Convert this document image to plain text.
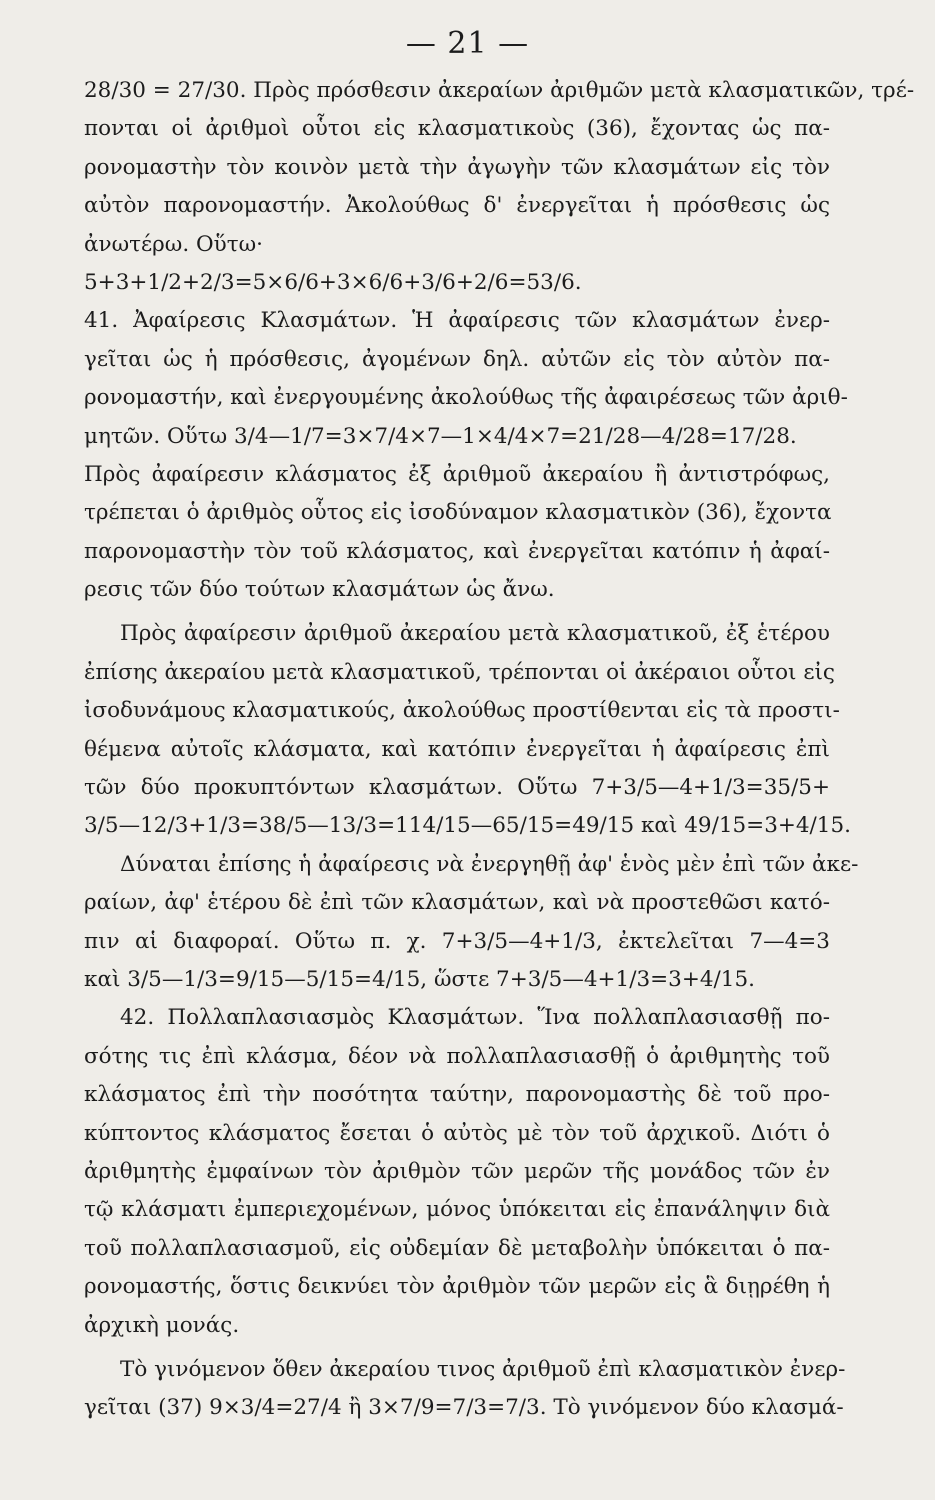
— 21 —
28/30 = 27/30. Πρὸς πρόσθεσιν ἀκεραίων ἀριθμῶν μετὰ κλασματικῶν, τρέ-
πονται οἱ ἀριθμοὶ οὗτοι εἰς κλασματικοὺς (36), ἔχοντας ὡς πα-
ρονομαστὴν τὸν κοινὸν μετὰ τὴν ἀγωγὴν τῶν κλασμάτων εἰς τὸν
αὐτὸν παρονομαστήν. Ἀκολούθως δ' ἐνεργεῖται ἡ πρόσθεσις ὡς
ἀνωτέρω. Οὕτω·
5+3+1/2+2/3=5×6/6+3×6/6+3/6+2/6=53/6.
41. Ἀφαίρεσις Κλασμάτων. Ἡ ἀφαίρεσις τῶν κλασμάτων ἐνερ-
γεῖται ὡς ἡ πρόσθεσις, ἀγομένων δηλ. αὐτῶν εἰς τὸν αὐτὸν πα-
ρονομαστήν, καὶ ἐνεργουμένης ἀκολούθως τῆς ἀφαιρέσεως τῶν ἀριθ-
μητῶν. Οὕτω 3/4—1/7=3×7/4×7—1×4/4×7=21/28—4/28=17/28.
Πρὸς ἀφαίρεσιν κλάσματος ἐξ ἀριθμοῦ ἀκεραίου ἢ ἀντιστρόφως,
τρέπεται ὁ ἀριθμὸς οὗτος εἰς ἰσοδύναμον κλασματικὸν (36), ἔχοντα
παρονομαστὴν τὸν τοῦ κλάσματος, καὶ ἐνεργεῖται κατόπιν ἡ ἀφαί-
ρεσις τῶν δύο τούτων κλασμάτων ὡς ἄνω.
Πρὸς ἀφαίρεσιν ἀριθμοῦ ἀκεραίου μετὰ κλασματικοῦ, ἐξ ἑτέρου
ἐπίσης ἀκεραίου μετὰ κλασματικοῦ, τρέπονται οἱ ἀκέραιοι οὗτοι εἰς
ἰσοδυνάμους κλασματικούς, ἀκολούθως προστίθενται εἰς τὰ προστι-
θέμενα αὐτοῖς κλάσματα, καὶ κατόπιν ἐνεργεῖται ἡ ἀφαίρεσις ἐπὶ
τῶν δύο προκυπτόντων κλασμάτων. Οὕτω 7+3/5—4+1/3=35/5+
3/5—12/3+1/3=38/5—13/3=114/15—65/15=49/15 καὶ 49/15=3+4/15.
Δύναται ἐπίσης ἡ ἀφαίρεσις νὰ ἐνεργηθῇ ἀφ' ἑνὸς μὲν ἐπὶ τῶν ἀκε-
ραίων, ἀφ' ἑτέρου δὲ ἐπὶ τῶν κλασμάτων, καὶ νὰ προστεθῶσι κατό-
πιν αἱ διαφοραί. Οὕτω π. χ. 7+3/5—4+1/3, ἐκτελεῖται 7—4=3
καὶ 3/5—1/3=9/15—5/15=4/15, ὥστε 7+3/5—4+1/3=3+4/15.
42. Πολλαπλασιασμὸς Κλασμάτων. Ἵνα πολλαπλασιασθῇ πο-
σότης τις ἐπὶ κλάσμα, δέον νὰ πολλαπλασιασθῇ ὁ ἀριθμητὴς τοῦ
κλάσματος ἐπὶ τὴν ποσότητα ταύτην, παρονομαστὴς δὲ τοῦ προ-
κύπτοντος κλάσματος ἔσεται ὁ αὐτὸς μὲ τὸν τοῦ ἀρχικοῦ. Διότι ὁ
ἀριθμητὴς ἐμφαίνων τὸν ἀριθμὸν τῶν μερῶν τῆς μονάδος τῶν ἐν
τῷ κλάσματι ἐμπεριεχομένων, μόνος ὑπόκειται εἰς ἐπανάληψιν διὰ
τοῦ πολλαπλασιασμοῦ, εἰς οὐδεμίαν δὲ μεταβολὴν ὑπόκειται ὁ πα-
ρονομαστής, ὅστις δεικνύει τὸν ἀριθμὸν τῶν μερῶν εἰς ἃ διῃρέθη ἡ
ἀρχικὴ μονάς.
Τὸ γινόμενον ὅθεν ἀκεραίου τινος ἀριθμοῦ ἐπὶ κλασματικὸν ἐνερ-
γεῖται (37) 9×3/4=27/4 ἢ 3×7/9=7/3=7/3. Τὸ γινόμενον δύο κλασμά-
